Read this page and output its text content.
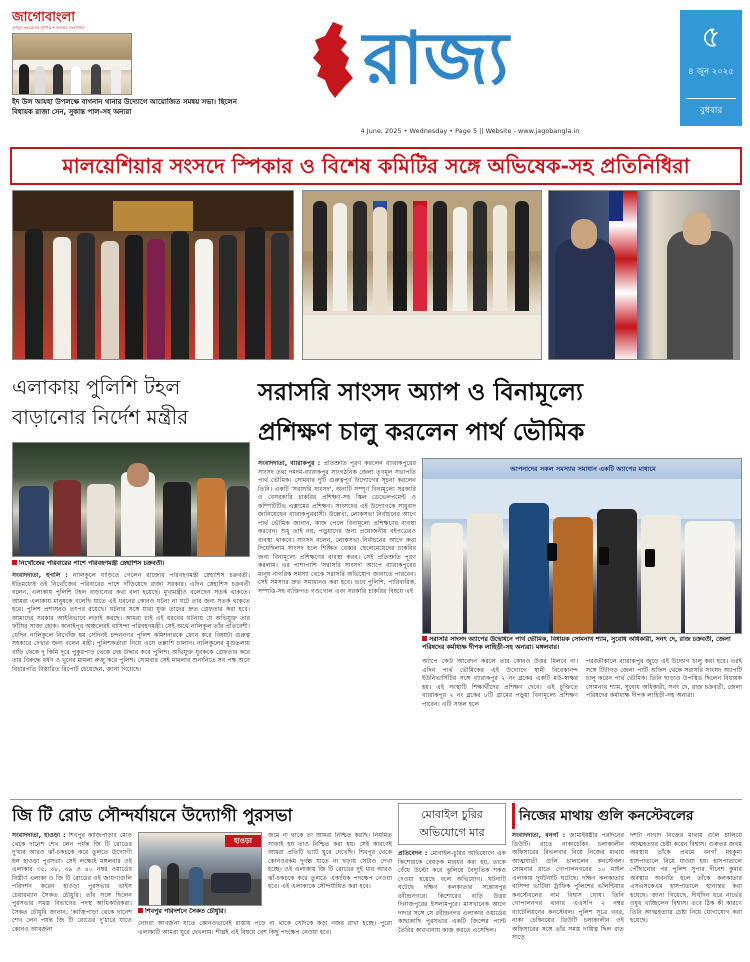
জাগোবাংলা
তৃণমূল কংগ্রেসের মুখপত্র • বাংলার সংবাদপত্র
ইদ উল আযহা উপলক্ষে বাগনান থানার উদ্যোগে আয়োজিত সমন্বয় সভা। ছিলেন বিধায়ক রাজা সেন, সুকান্ত পাল-সহ অন্যরা
রাজ্য
4 June, 2025 • Wednesday • Page 5 || Website - www.jagobangla.in
৫
৪ জুন ২০২৫
বুধবার
মালয়েশিয়ার সংসদে স্পিকার ও বিশেষ কমিটির সঙ্গে অভিষেক-সহ প্রতিনিধিরা
এলাকায় পুলিশি টহল
বাড়ানোর নির্দেশ মন্ত্রীর
নিখোঁজের পরিবারের পাশে পরিবহণমন্ত্রী স্নেহাশিস চক্রবর্তী।
সংবাদদাতা, হুগলি : নালিকুলে বাড়িতে গেলেন রাজ্যের পরিবহণমন্ত্রী স্নেহাশিস চক্রবর্তী। ইতিমধ্যেই ওই নিখোঁজের পরিবারের পাশে দাঁড়িয়েছে রাজ্য সরকার। এদিন স্নেহাশিস চক্রবর্তী বলেন, এলাকায় পুলিশি টহল বাড়ানোর কথা বলা হয়েছে। মুখ্যমন্ত্রীও বলেছেন সতর্ক থাকতে। আমরা এলাকায় মানুষকে বলেছি যাতে এই ধরনের কোনও ঘটনা না ঘটে তার জন্য সতর্ক থাকতে হবে। পুলিশ প্রশাসনও তৎপর রয়েছে। ঘটনার সঙ্গে যারা যুক্ত তাদের দ্রুত গ্রেফতার করা হবে। আমাদের সরকার আইনিভাবে লড়াই করছে। আমরা চাই এই ধরনের ঘটনায় যে অভিযুক্ত তার ফাঁসির সাজা হোক। কানাইপুর অঞ্চলেরই বাসিন্দা পরিবহণমন্ত্রী। সেই অর্থে নালিকুল তাঁর প্রতিবেশী। যেদিন নালিকুলে নিখোঁজ হয় সেদিনই চন্দননগর পুলিশ কমিশনারকে ফোন করে বিষয়টা গুরুত্ব সহকারে দেখার জন্য বলেন মন্ত্রী। পুলিশকর্তারা নিয়ে এসে তল্লাশি চালান। নালিকুলের মুগুতলায় বাড়ি থেকে দু কিমি দূরে পুকুরপাড় থেকে দেহ উদ্ধার করে পুলিশ। অভিযুক্ত যুবককে গ্রেফতার করে তার বিরুদ্ধে ধর্ষণ ও খুনের মামলা রুজু করে পুলিশ। সোমবার সেই মামলার শুনানিতে সব পক্ষ শুনে বিচারপতি বিস্তারিত রিপোর্ট চেয়েছেন, জানা গিয়েছে।
সরাসরি সাংসদ অ্যাপ ও বিনামূল্যে
প্রশিক্ষণ চালু করলেন পার্থ ভৌমিক
সংবাদদাতা, ব্যারাকপুর : প্রতিশ্রুতি পূরণ করলেন ব্যারাকপুরের সাংসদ তথা দমদম-ব্যারাকপুর সাংগঠনিক জেলা তৃণমূল সভাপতি পার্থ ভৌমিক। সোমবার দুটি গুরুত্বপূর্ণ উদ্যোগের সূচনা করলেন তিনি। একটি 'সরাসরি সাংসদ', অন্যটি সম্পূর্ণ বিনামূল্যে সরকারি ও বেসরকারি চাকরির প্রশিক্ষণ-সহ স্কিল ডেভেলপমেন্ট ও কম্পিটিটিভ এক্সামের প্রশিক্ষণ। সাংসদের এই উদ্যোগকে সাধুবাদ জানিয়েছেন ব্যারাকপুরবাসী। উল্লেখ্য, লোকসভা নির্বাচনের আগে পার্থ ভৌমিক জানান, কাজ পেলে বিনামূল্যে প্রশিক্ষণের ব্যবস্থা করবেন। শুধু তাই নয়, পড়ুয়াদের জন্য প্রয়োজনীয় বইপত্রেরও ব্যবস্থা থাকবে। সাংসদ বলেন, লোকসভা নির্বাচনের আগে কথা দিয়েছিলাম সাংসদ হলে শিক্ষিত বেকার ছেলেমেয়েদের চাকরির জন্য বিনামূল্যে প্রশিক্ষণের ব্যবস্থা করব। সেই প্রতিশ্রুতি পূরণ করলাম। এর পাশাপাশি 'সরাসরি সাংসদ' অ্যাপে ব্যারাকপুরের মানুষ নাগরিক সমস্যা থেকে সরাসরি অভিযোগ জানাতে পারবেন। সেই সমস্যার দ্রুত সমাধানও করা হবে। তবে পুলিশি, পারিবারিক, সম্পত্তি-সহ ব্যক্তিগত গণ্ডগোল এবং সরকারি চাকরির বিষয়ে এই
আপনাদের সকল সমস্যার সমাধান একটি অ্যাপের মাধ্যমে
সরাসরি সাংসদ অ্যাপের উদ্বোধনে পার্থ ভৌমিক, বিধায়ক সোমনাথ শ্যাম, সুবোধ অধিকারী, সনৎ দে, রাজ চক্রবর্তী, জেলা পরিষদের কর্মাধ্যক্ষ দীপক লাহিড়ী-সহ অন্যরা। মঙ্গলবার।
অ্যাপে কেউ আবেদন করলে তার কোনও উত্তর মিলবে না। এদিন পার্থ ভৌমিকের এই উদ্যোগে স্বামী বিবেকানন্দ ইউনিভার্সিটির সঙ্গে ব্যারাকপুর ২ নং ব্লকের একটি মউ-স্বাক্ষর হয়। এই সংস্থাটি শিক্ষার্থীদের প্রশিক্ষণ দেবে। এই চুক্তিতে ব্যারাকপুর ২ নং ব্লকের ৮টি গ্রামের পড়ুয়া বিনামূল্যে প্রশিক্ষণ পাবেন। এটি সফল হলে
পরবর্তীকালে ব্যারাকপুর জুড়ে এই উদ্যোগ চালু করা হবে। এরই সঙ্গে টিটাগড় জেলা পার্টি অফিস থেকে সরাসরি সাংসদ অ্যাপটি চালু করেন পার্থ ভৌমিক। তিনি ছাড়াও উপস্থিত ছিলেন বিধায়ক সোমনাথ শ্যাম, সুবোধ অধিকারী, সনৎ দে, রাজ চক্রবর্তী, জেলা পরিষদের কর্মাধ্যক্ষ দীপক লাহিড়ী-সহ অন্যরা।
জি টি রোড সৌন্দর্যায়নে উদ্যোগী পুরসভা
সংবাদদাতা, হাওড়া : শিবপুর কাজিপাড়ার মোড় থেকে দানেশ শেখ লেন পর্যন্ত জি টি রোডের দু'ধার আরও ঝাঁ-চকচকে করে তুলতে উদ্যোগী হল হাওড়া পুরসভা। সেই লক্ষ্যেই মঙ্গলবার ওই এলাকার ৩৫, ৩৮, ৩৯ ও ৪০ নম্বর ওয়ার্ডের বিস্তীর্ণ এলাকা ও জি টি রোডের ওই জায়গাগুলি পরিদর্শন করেন হাওড়া পুরসভার ভাইস চেয়ারম্যান সৈকত চৌধুরি। তাঁর সঙ্গে ছিলেন পুরসভার সমস্ত বিভাগের পদস্থ আধিকারিকরা। সৈকত চৌধুরি জানান, 'কাজিপাড়া থেকে দানেশ শেখ লেন পর্যন্ত জি টি রোডের দু'ধারে যাতে কোনও আবর্জনা
হাওড়া
শিবপুর পরিদর্শনে সৈকত চৌধুরি।
জমে না থাকে তা আমরা নিশ্চিত করছি। নিয়মিত সাফাই হয় তাও নিশ্চিত করা হয়। সেই কারণেই আমরা প্রতিটি ভ্যাট ঘুরে দেখেছি। শিবপুর থেকে কোনওরকম দুর্গন্ধ যাতে না ছড়ায় সেটাও দেখা হচ্ছে। ওই এলাকায় জি টি রোডের দুই ধার আরও ঝাঁ-চকচকে করে তুলতে একাধিক পদক্ষেপ নেওয়া হবে। এই এলাকাকে সৌন্দর্যায়িত করা হবে।
নোংরা আবর্জনা যাতে কোনওভাবেই রাস্তায় পড়ে না থাকে সেদিকে কড়া নজর রাখা হচ্ছে। পুরো এলাকাটি আমরা ঘুরে দেখলাম। শীঘ্রই এই বিষয়ে বেশ কিছু পদক্ষেপ নেওয়া হবে।
মোবাইল চুরির
অভিযোগে মার
প্রতিবেদন : মোবাইল-চুরির অভিযোগে এক কিশোরকে বেধড়ক মারধর করা হয়, তাকে বেঁধে উল্টো করে ঝুলিয়ে বৈদ্যুতিক শকও দেওয়া হয়েছে বলে অভিযোগ। ঘটনাটি ঘটেছে দক্ষিণ কলকাতার সন্তোষপুর রবীন্দ্রনগরে। কিশোরের বাড়ি উত্তর দিনাজপুরের ইসলামপুরে। মাসখানেক আগে দাদার সঙ্গে সে রবীন্দ্রনগর এলাকার ওয়ার্ডের কাছাকাছি পুরসভার একটি জিন্সের প্যান্ট তৈরির কারখানায় কাজ করতে এসেছিল।
নিজের মাথায় গুলি কনস্টেবলের
সংবাদদাতা, বনগাঁ : জামাইষষ্ঠীর পরদিনের ডিউটি। রাতে নাকাচেকিং চলাকালীন অফিসারের রিভলবার নিয়ে নিজের মাথায় আত্মঘাতী গুলি চালালেন কনস্টেবল। সোমবার রাতে গোপালনগরের ১০ মাইল এলাকায় দুর্ঘটনাটি ঘটেছে। দক্ষিণ কলকাতার বাসিন্দা ভাটিয়া ট্রাফিক পুলিশের ভলিন্টিয়ার কনস্টেবলের নাম বিশ্বাস ঘোষ। তিনি গোপালনগর থানার এএসপি ২ নম্বর ব্যাটেলিয়নের কনস্টেবল। পুলিশ সূত্রে খবর, নাকা চেকিংয়ের ডিউটি চলাকালীন ওই অফিসারের সঙ্গে তাঁর সমস্ত দায়িত্ব ছিল রাত সাড়ে
দশটা নাগাদ নিজের মাথায় গুলি চালিয়ে আত্মহত্যার চেষ্টা করেন বিশ্বাস। গুরুতর জখম অবস্থায় তাঁকে প্রথমে বনগাঁ মহকুমা হাসপাতালে নিয়ে যাওয়া হয়। হাসপাতালে পৌঁছানোর পর পুলিশ সুপার দীনেশ কুমার অবস্থার অবনতি হলে তাঁকে কলকাতার এসএসকেএম হাসপাতালে স্থানান্তর করা হয়েছে। জানা গিয়েছে, দীর্ঘদিন ধরে নার্ভের ওষুধ খাচ্ছিলেন বিশ্বাস। তবে ঠিক কী কারণে তিনি আত্মহত্যার চেষ্টা নিয়ে যোগাযোগ করা হয়েছে।
